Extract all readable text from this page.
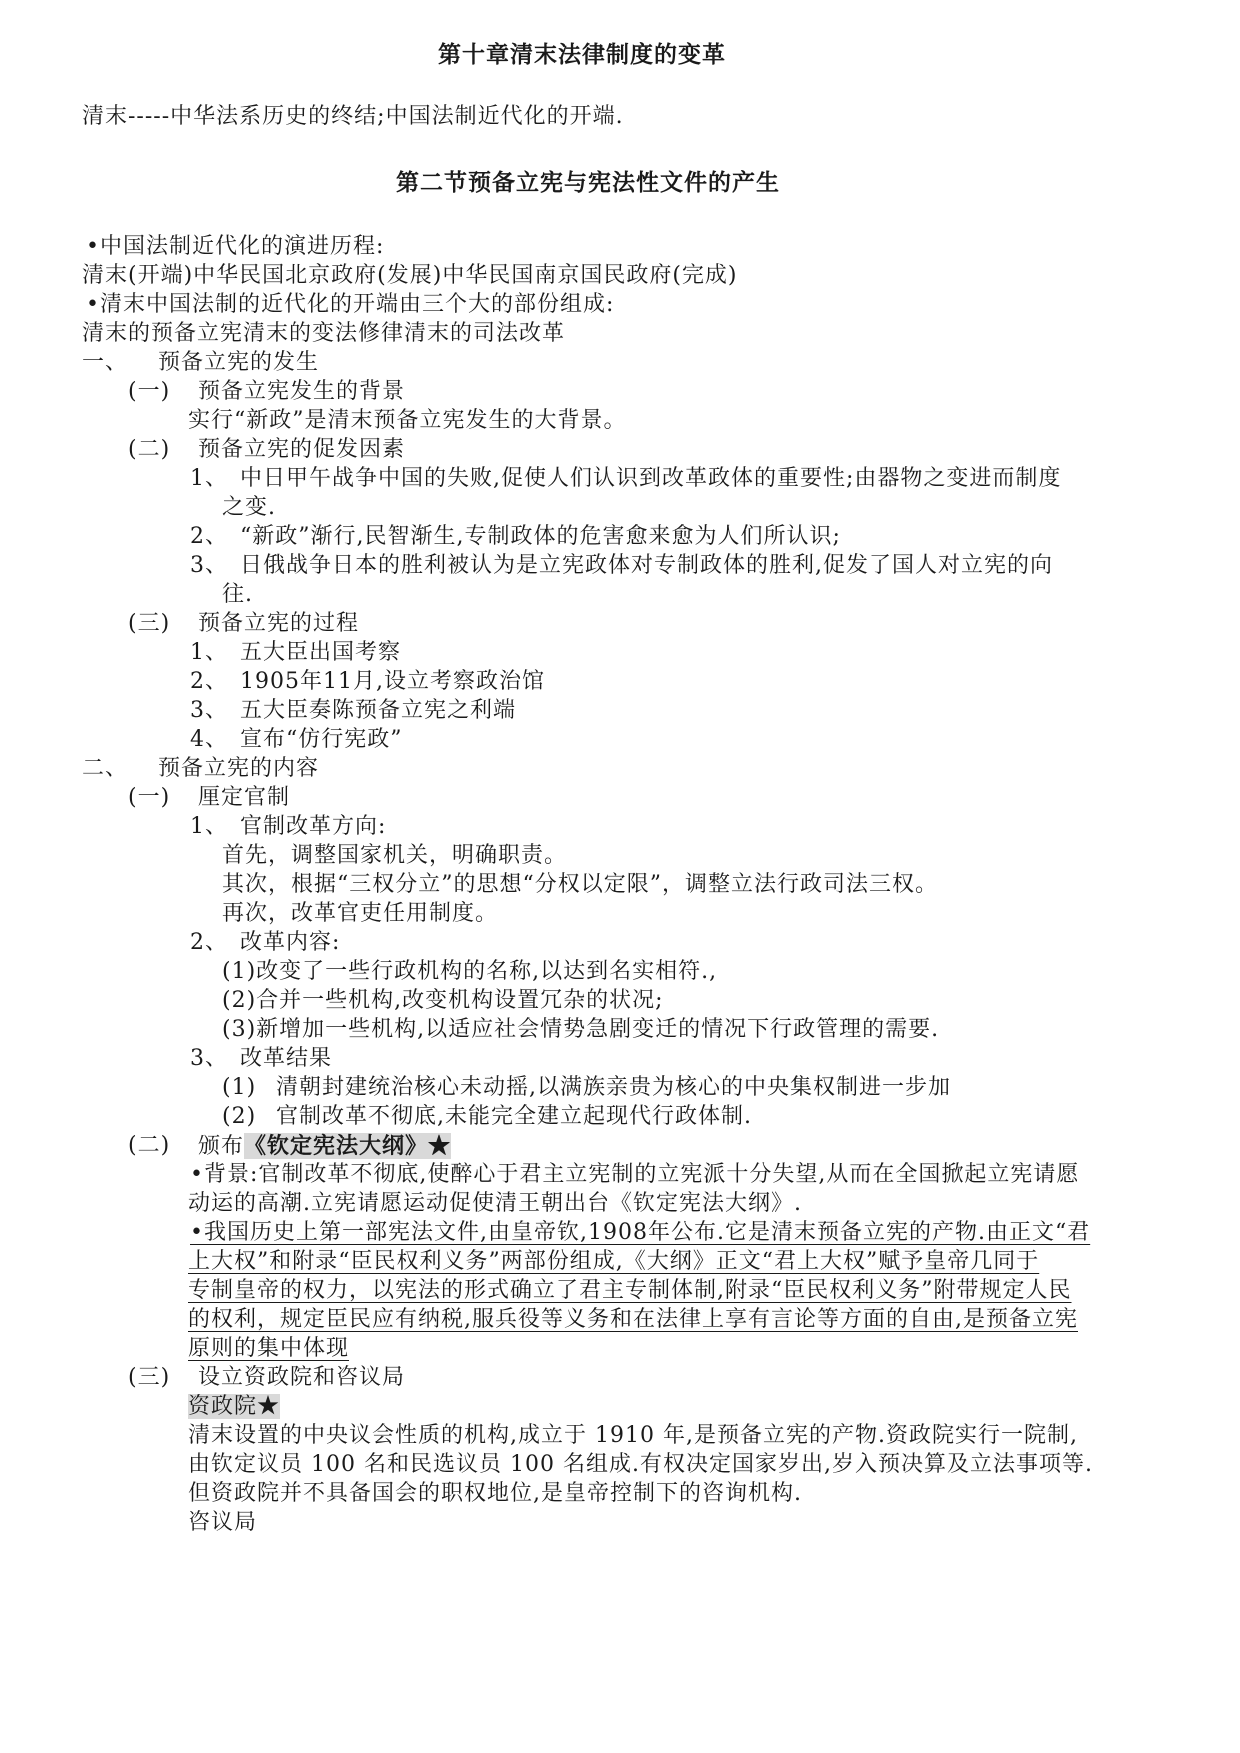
第十章清末法律制度的变革
清末-----中华法系历史的终结;中国法制近代化的开端.
第二节预备立宪与宪法性文件的产生
•中国法制近代化的演进历程:
清末(开端)中华民国北京政府(发展)中华民国南京国民政府(完成)
•清末中国法制的近代化的开端由三个大的部份组成:
清末的预备立宪清末的变法修律清末的司法改革
一、 预备立宪的发生
(一) 预备立宪发生的背景
实行“新政”是清末预备立宪发生的大背景。
(二) 预备立宪的促发因素
1、 中日甲午战争中国的失败,促使人们认识到改革政体的重要性;由器物之变进而制度
之变.
2、 “新政”渐行,民智渐生,专制政体的危害愈来愈为人们所认识;
3、 日俄战争日本的胜利被认为是立宪政体对专制政体的胜利,促发了国人对立宪的向
往.
(三) 预备立宪的过程
1、 五大臣出国考察
2、 1905年11月,设立考察政治馆
3、 五大臣奏陈预备立宪之利端
4、 宣布“仿行宪政”
二、 预备立宪的内容
(一) 厘定官制
1、 官制改革方向:
首先，调整国家机关，明确职责。
其次，根据“三权分立”的思想“分权以定限”，调整立法行政司法三权。
再次，改革官吏任用制度。
2、 改革内容:
(1)改变了一些行政机构的名称,以达到名实相符.,
(2)合并一些机构,改变机构设置冗杂的状况;
(3)新增加一些机构,以适应社会情势急剧变迁的情况下行政管理的需要.
3、 改革结果
(1) 清朝封建统治核心未动摇,以满族亲贵为核心的中央集权制进一步加
(2) 官制改革不彻底,未能完全建立起现代行政体制.
(二) 颁布《钦定宪法大纲》★
•背景:官制改革不彻底,使醉心于君主立宪制的立宪派十分失望,从而在全国掀起立宪请愿
动运的高潮.立宪请愿运动促使清王朝出台《钦定宪法大纲》.
•我国历史上第一部宪法文件,由皇帝钦,1908年公布.它是清末预备立宪的产物.由正文“君
上大权”和附录“臣民权利义务”两部份组成,《大纲》正文“君上大权”赋予皇帝几同于
专制皇帝的权力，以宪法的形式确立了君主专制体制,附录“臣民权利义务”附带规定人民
的权利，规定臣民应有纳税,服兵役等义务和在法律上享有言论等方面的自由,是预备立宪
原则的集中体现
(三) 设立资政院和咨议局
资政院★
清末设置的中央议会性质的机构,成立于 1910 年,是预备立宪的产物.资政院实行一院制,
由钦定议员 100 名和民选议员 100 名组成.有权决定国家岁出,岁入预决算及立法事项等.
但资政院并不具备国会的职权地位,是皇帝控制下的咨询机构.
咨议局
